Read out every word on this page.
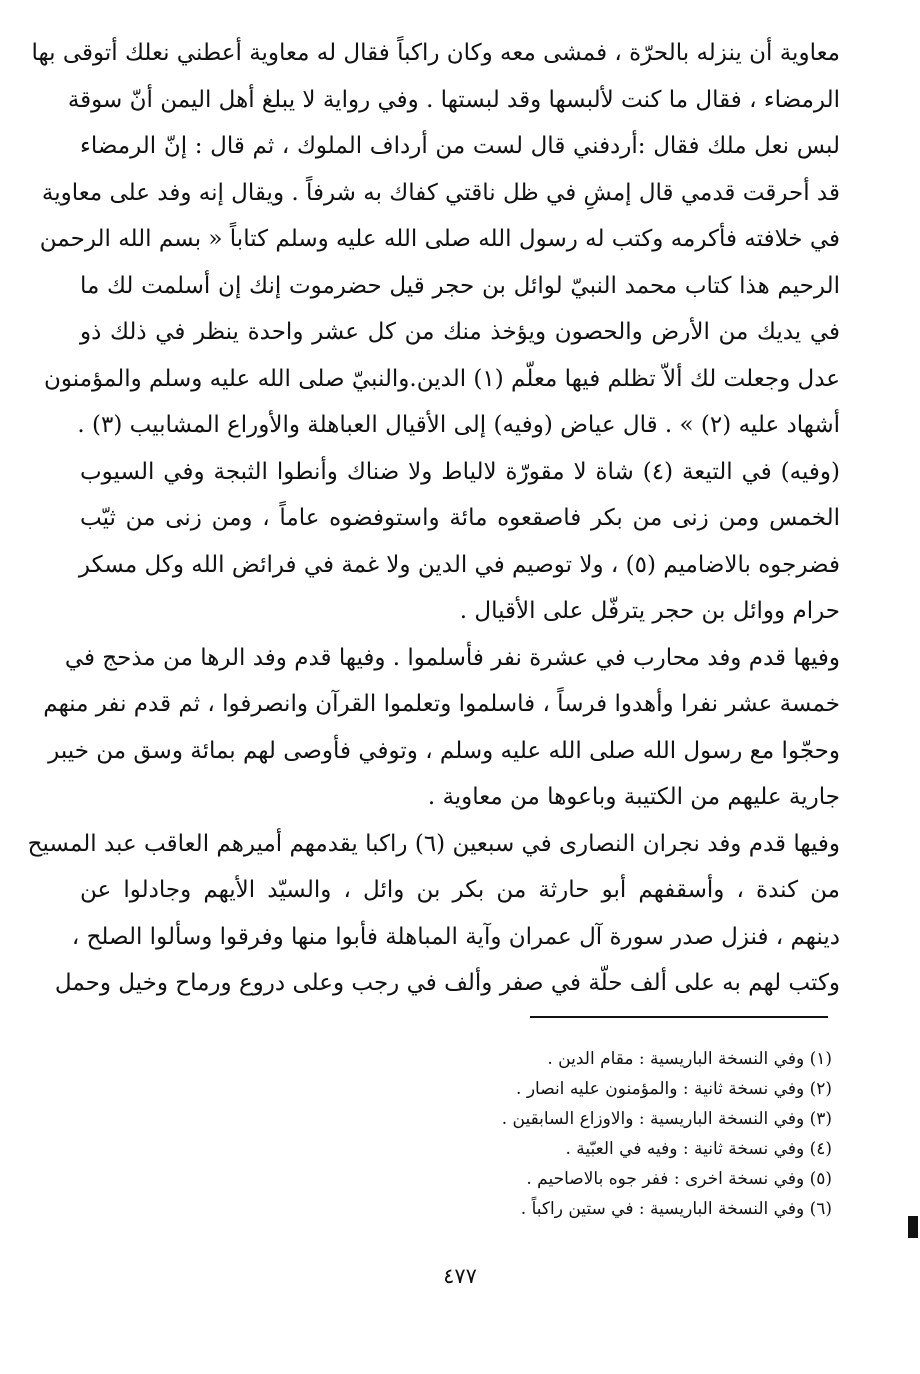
معاوية أن ينزله بالحرّة ، فمشى معه وكان راكباً فقال له معاوية أعطني نعلك أتوقى بها
الرمضاء ، فقال ما كنت لألبسها وقد لبستها . وفي رواية لا يبلغ أهل اليمن أنّ سوقة
لبس نعل ملك فقال :أردفني قال لست من أرداف الملوك ، ثم قال : إنّ الرمضاء
قد أحرقت قدمي قال إمشِ في ظل ناقتي كفاك به شرفاً . ويقال إنه وفد على معاوية
في خلافته فأكرمه وكتب له رسول الله صلى الله عليه وسلم كتاباً « بسم الله الرحمن
الرحيم هذا كتاب محمد النبيّ لوائل بن حجر قيل حضرموت إنك إن أسلمت لك ما
في يديك من الأرض والحصون ويؤخذ منك من كل عشر واحدة ينظر في ذلك ذو
عدل وجعلت لك ألاّ تظلم فيها معلّم (١) الدين.والنبيّ صلى الله عليه وسلم والمؤمنون
أشهاد عليه (٢) » . قال عياض (وفيه) إلى الأقيال العباهلة والأوراع المشابيب (٣) .
(وفيه) في التيعة (٤) شاة لا مقورّة لالياط ولا ضناك وأنطوا الثبجة وفي السيوب
الخمس ومن زنى من بكر فاصقعوه مائة واستوفضوه عاماً ، ومن زنى من ثيّب
فضرجوه بالاضاميم (٥) ، ولا توصيم في الدين ولا غمة في فرائض الله وكل مسكر
حرام ووائل بن حجر يترفّل على الأقيال .
وفيها قدم وفد محارب في عشرة نفر فأسلموا . وفيها قدم وفد الرها من مذحج في
خمسة عشر نفرا وأهدوا فرساً ، فاسلموا وتعلموا القرآن وانصرفوا ، ثم قدم نفر منهم
وحجّوا مع رسول الله صلى الله عليه وسلم ، وتوفي فأوصى لهم بمائة وسق من خيبر
جارية عليهم من الكتيبة وباعوها من معاوية .
وفيها قدم وفد نجران النصارى في سبعين (٦) راكبا يقدمهم أميرهم العاقب عبد المسيح
من كندة ، وأسقفهم أبو حارثة من بكر بن وائل ، والسيّد الأيهم وجادلوا عن
دينهم ، فنزل صدر سورة آل عمران وآية المباهلة فأبوا منها وفرقوا وسألوا الصلح ،
وكتب لهم به على ألف حلّة في صفر وألف في رجب وعلى دروع ورماح وخيل وحمل
(١) وفي النسخة الباريسية : مقام الدين .
(٢) وفي نسخة ثانية : والمؤمنون عليه انصار .
(٣) وفي النسخة الباريسية : والاوزاع السابقين .
(٤) وفي نسخة ثانية : وفيه في العبّية .
(٥) وفي نسخة اخرى : ففر جوه بالاصاحيم .
(٦) وفي النسخة الباريسية : في ستين راكباً .
٤٧٧
